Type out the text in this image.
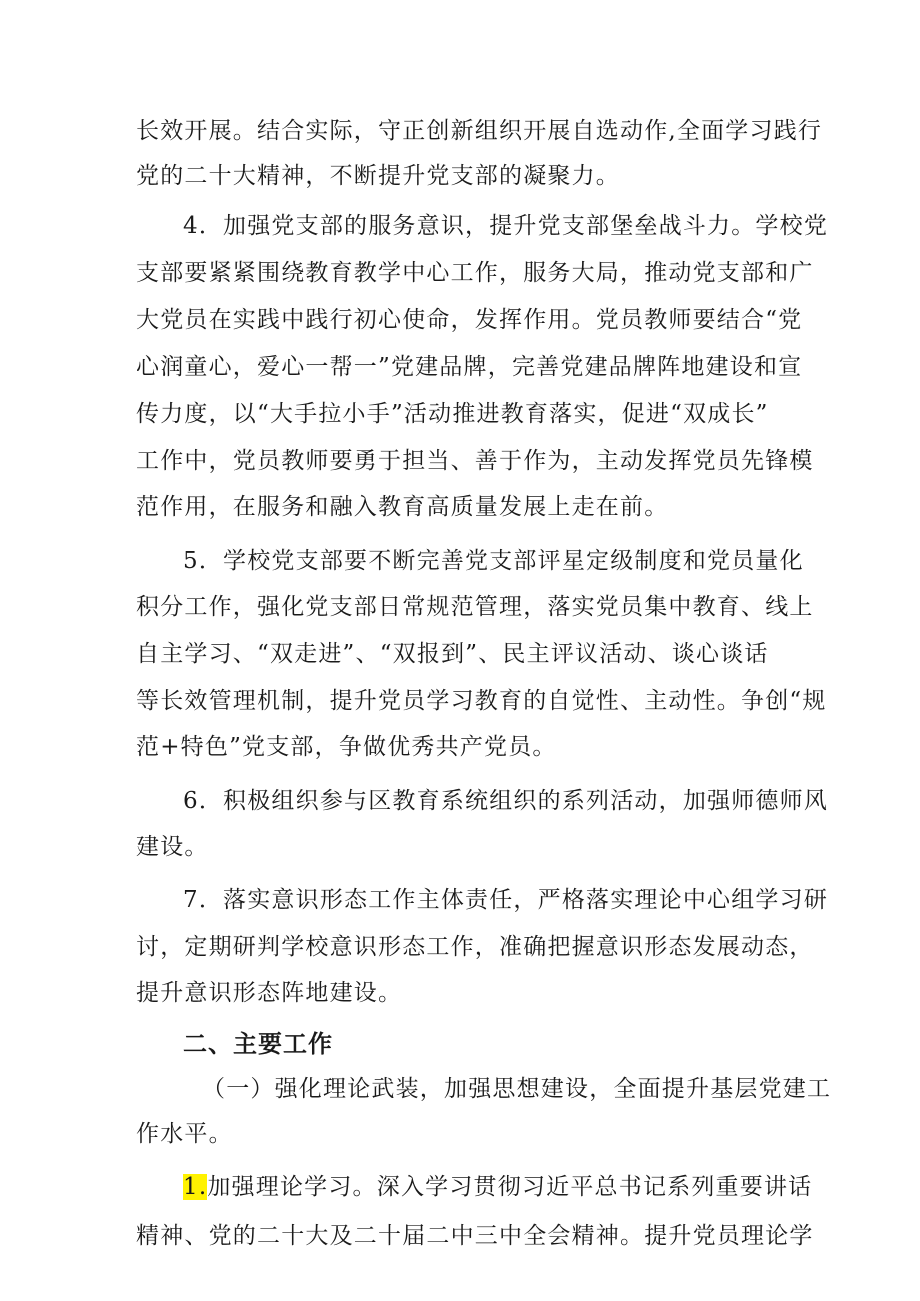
长效开展。结合实际，守正创新组织开展自选动作,全面学习践行
党的二十大精神，不断提升党支部的凝聚力。
4．加强党支部的服务意识，提升党支部堡垒战斗力。学校党
支部要紧紧围绕教育教学中心工作，服务大局，推动党支部和广
大党员在实践中践行初心使命，发挥作用。党员教师要结合“党
心润童心，爱心一帮一”党建品牌，完善党建品牌阵地建设和宣
传力度，以“大手拉小手”活动推进教育落实，促进“双成长”
工作中，党员教师要勇于担当、善于作为，主动发挥党员先锋模
范作用，在服务和融入教育高质量发展上走在前。
5．学校党支部要不断完善党支部评星定级制度和党员量化
积分工作，强化党支部日常规范管理，落实党员集中教育、线上
自主学习、“双走进”、“双报到”、民主评议活动、谈心谈话
等长效管理机制，提升党员学习教育的自觉性、主动性。争创“规
范+特色”党支部，争做优秀共产党员。
6．积极组织参与区教育系统组织的系列活动，加强师德师风
建设。
7．落实意识形态工作主体责任，严格落实理论中心组学习研
讨，定期研判学校意识形态工作，准确把握意识形态发展动态，
提升意识形态阵地建设。
二、主要工作
（一）强化理论武装，加强思想建设，全面提升基层党建工
作水平。
1.加强理论学习。深入学习贯彻习近平总书记系列重要讲话
精神、党的二十大及二十届二中三中全会精神。提升党员理论学
